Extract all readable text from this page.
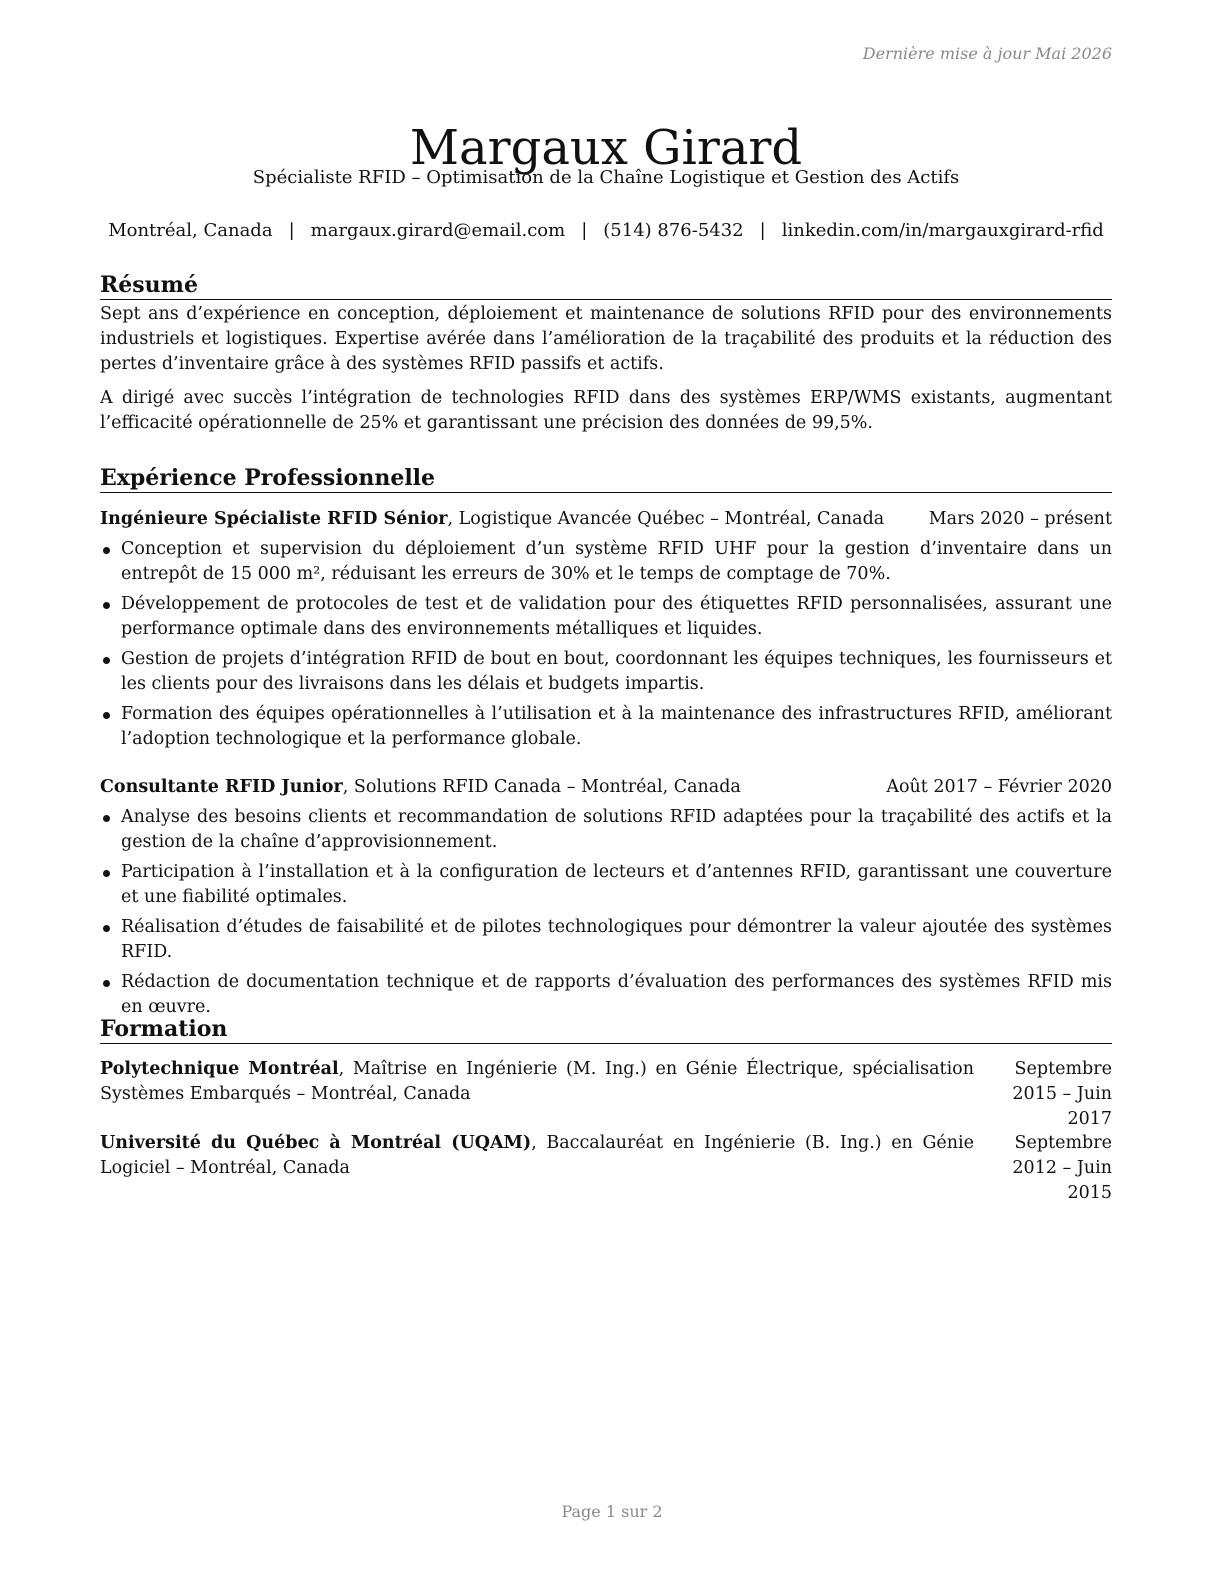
Dernière mise à jour Mai 2026
Margaux Girard
Spécialiste RFID – Optimisation de la Chaîne Logistique et Gestion des Actifs
Montréal, Canada | margaux.girard@email.com | (514) 876-5432 | linkedin.com/in/margauxgirard-rfid
Résumé

Sept ans d’expérience en conception, déploiement et maintenance de solutions RFID pour des environnements industriels et logistiques. Expertise avérée dans l’amélioration de la traçabilité des produits et la réduction des pertes d’inventaire grâce à des systèmes RFID passifs et actifs.

A dirigé avec succès l’intégration de technologies RFID dans des systèmes ERP/WMS existants, augmentant l’efficacité opérationnelle de 25% et garantissant une précision des données de 99,5%.

Expérience Professionnelle
Ingénieure Spécialiste RFID Sénior, Logistique Avancée Québec – Montréal, Canada	Mars 2020 – présent
Conception et supervision du déploiement d’un système RFID UHF pour la gestion d’inventaire dans un entrepôt de 15 000 m², réduisant les erreurs de 30% et le temps de comptage de 70%.
Développement de protocoles de test et de validation pour des étiquettes RFID personnalisées, assurant une performance optimale dans des environnements métalliques et liquides.
Gestion de projets d’intégration RFID de bout en bout, coordonnant les équipes techniques, les fournisseurs et les clients pour des livraisons dans les délais et budgets impartis.
Formation des équipes opérationnelles à l’utilisation et à la maintenance des infrastructures RFID, améliorant l’adoption technologique et la performance globale.
Consultante RFID Junior, Solutions RFID Canada – Montréal, Canada	Août 2017 – Février 2020
Analyse des besoins clients et recommandation de solutions RFID adaptées pour la traçabilité des actifs et la gestion de la chaîne d’approvisionnement.
Participation à l’installation et à la configuration de lecteurs et d’antennes RFID, garantissant une couverture et une fiabilité optimales.
Réalisation d’études de faisabilité et de pilotes technologiques pour démontrer la valeur ajoutée des systèmes RFID.
Rédaction de documentation technique et de rapports d’évaluation des performances des systèmes RFID mis en œuvre.
Formation
Polytechnique Montréal, Maîtrise en Ingénierie (M. Ing.) en Génie Électrique, spécialisation Systèmes Embarqués – Montréal, Canada
Septembre 2015 – Juin 2017
Université du Québec à Montréal (UQAM), Baccalauréat en Ingénierie (B. Ing.) en Génie Logiciel – Montréal, Canada
Septembre 2012 – Juin 2015
Page 1 sur 2
